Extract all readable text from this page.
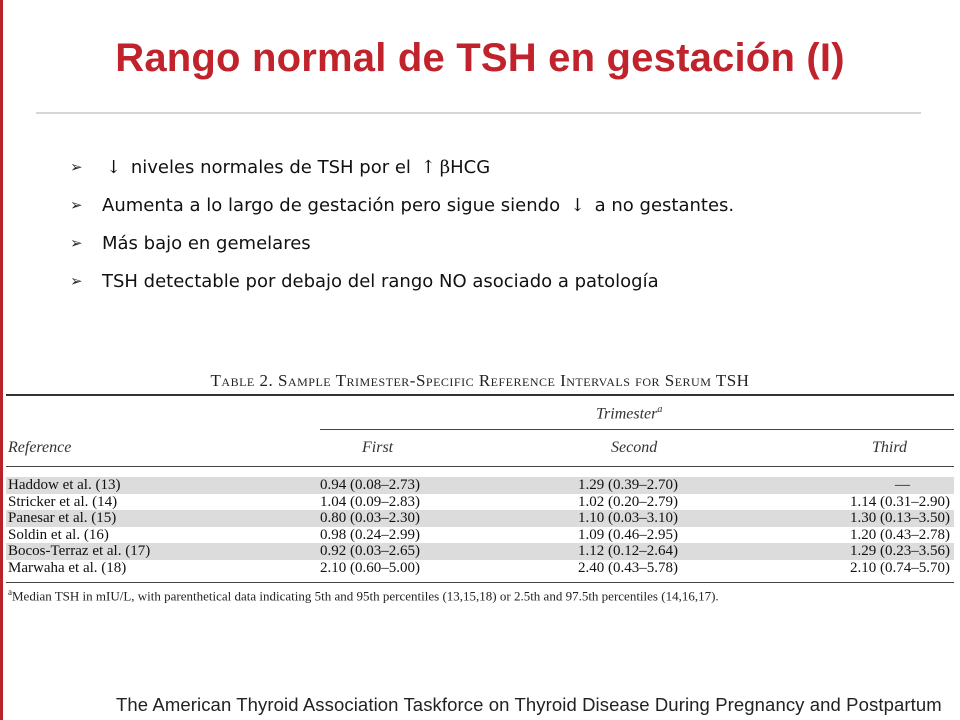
Rango normal de TSH en gestación (I)
➢	↓ niveles normales de TSH por el ↑ β HCG
➢	Aumenta a lo largo de gestación pero sigue siendo ↓ a no gestantes.
➢	Más bajo en gemelares
➢	TSH detectable por debajo del rango NO asociado a patología
Table 2. Sample Trimester-Specific Reference Intervals for Serum TSH
Trimester$^a$
Reference	First	Second	Third
Haddow et al. (13)	0.94 (0.08–2.73)	1.29 (0.39–2.70)	—
Stricker et al. (14)	1.04 (0.09–2.83)	1.02 (0.20–2.79)	1.14 (0.31–2.90)
Panesar et al. (15)	0.80 (0.03–2.30)	1.10 (0.03–3.10)	1.30 (0.13–3.50)
Soldin et al. (16)	0.98 (0.24–2.99)	1.09 (0.46–2.95)	1.20 (0.43–2.78)
Bocos-Terraz et al. (17)	0.92 (0.03–2.65)	1.12 (0.12–2.64)	1.29 (0.23–3.56)
Marwaha et al. (18)	2.10 (0.60–5.00)	2.40 (0.43–5.78)	2.10 (0.74–5.70)
$^a$Median TSH in mIU/L, with parenthetical data indicating 5th and 95th percentiles (13,15,18) or 2.5th and 97.5th percentiles (14,16,17).
The American Thyroid Association Taskforce on Thyroid Disease During Pregnancy and Postpartum
